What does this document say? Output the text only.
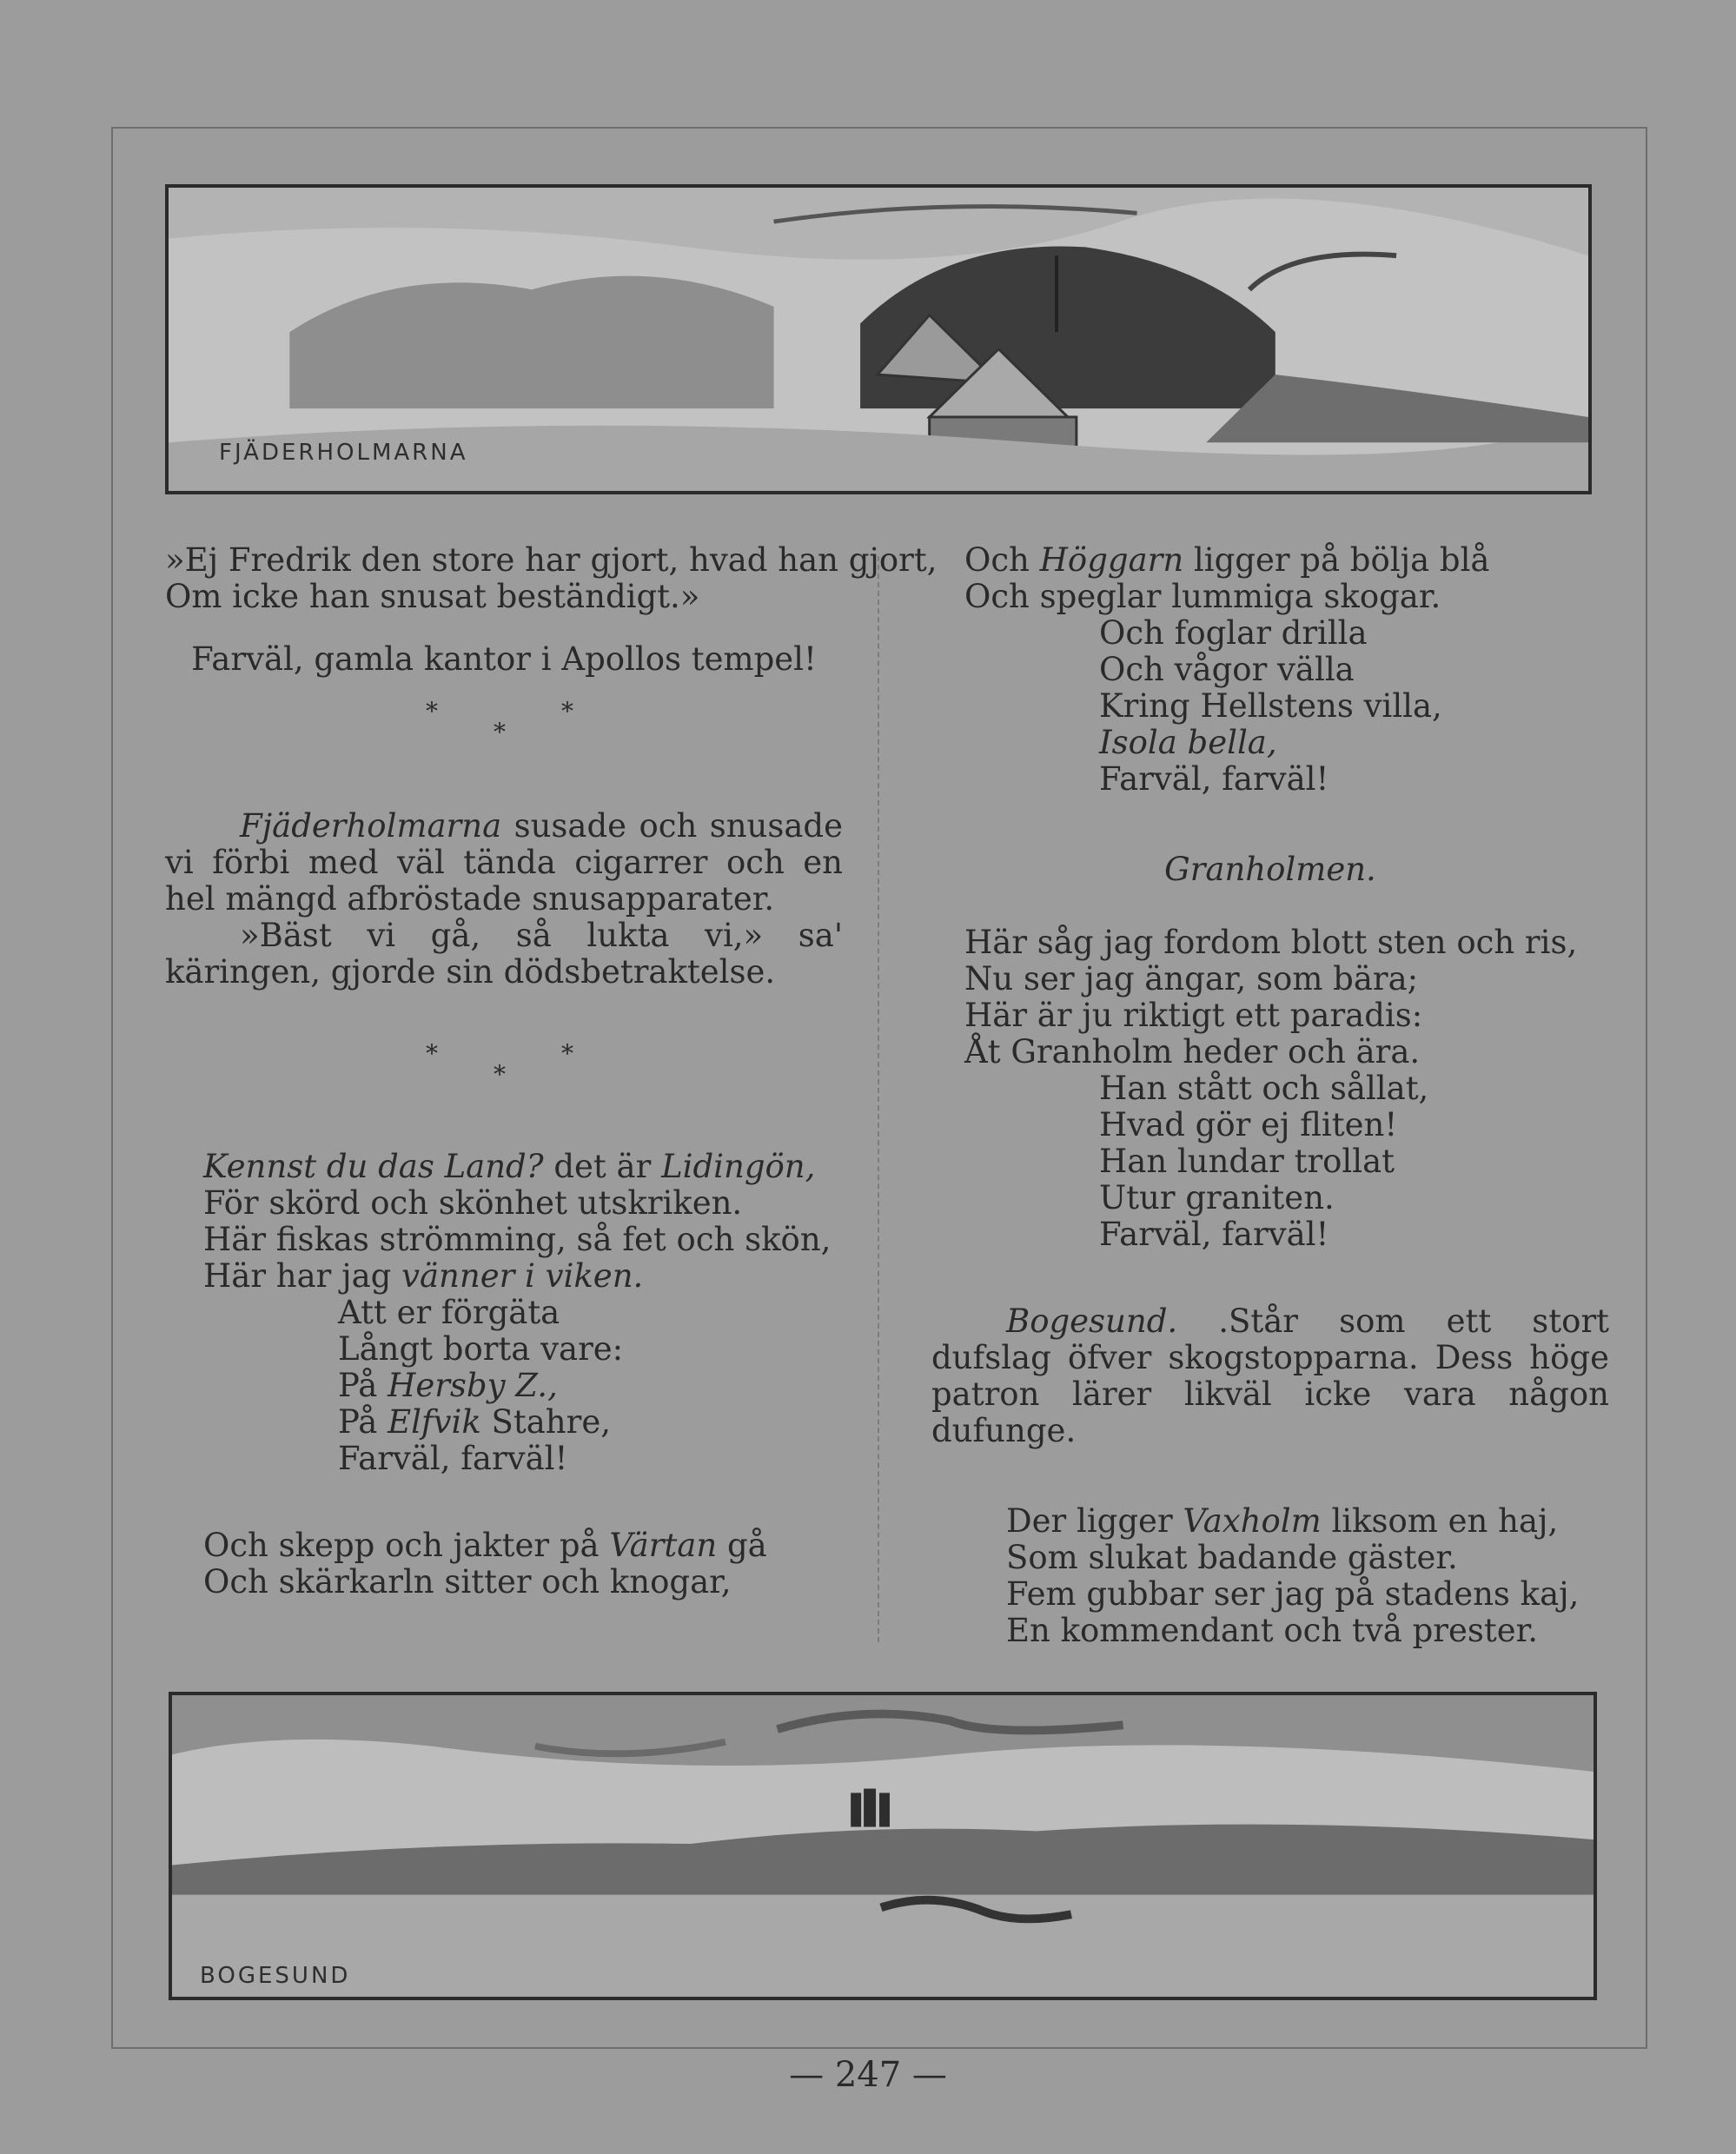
FJÄDERHOLMARNA

»Ej Fredrik den store har gjort, hvad han gjort,

Om icke han snusat beständigt.»

Farväl, gamla kantor i Apollos tempel!

*
*
*

Fjäderholmarna susade och snusade vi förbi med väl tända cigarrer och en hel mängd afbröstade snusapparater.

»Bäst vi gå, så lukta vi,» sa' käringen, gjorde sin dödsbetraktelse.

*
*
*

Kennst du das Land? det är Lidingön,

För skörd och skönhet utskriken.

Här fiskas strömming, så fet och skön,

Här har jag vänner i viken.

Att er förgäta

Långt borta vare:

På Hersby Z.,

På Elfvik Stahre,

Farväl, farväl!

Och skepp och jakter på Värtan gå

Och skärkarln sitter och knogar,

Och Höggarn ligger på bölja blå

Och speglar lummiga skogar.

Och foglar drilla

Och vågor välla

Kring Hellstens villa,

Isola bella,

Farväl, farväl!

Granholmen.

Här såg jag fordom blott sten och ris,

Nu ser jag ängar, som bära;

Här är ju riktigt ett paradis:

Åt Granholm heder och ära.

Han stått och sållat,

Hvad gör ej fliten!

Han lundar trollat

Utur graniten.

Farväl, farväl!

Bogesund. .Står som ett stort dufslag öfver skogstopparna. Dess höge patron lärer likväl icke vara någon dufunge.

Der ligger Vaxholm liksom en haj,

Som slukat badande gäster.

Fem gubbar ser jag på stadens kaj,

En kommendant och två prester.

BOGESUND
— 247 —
